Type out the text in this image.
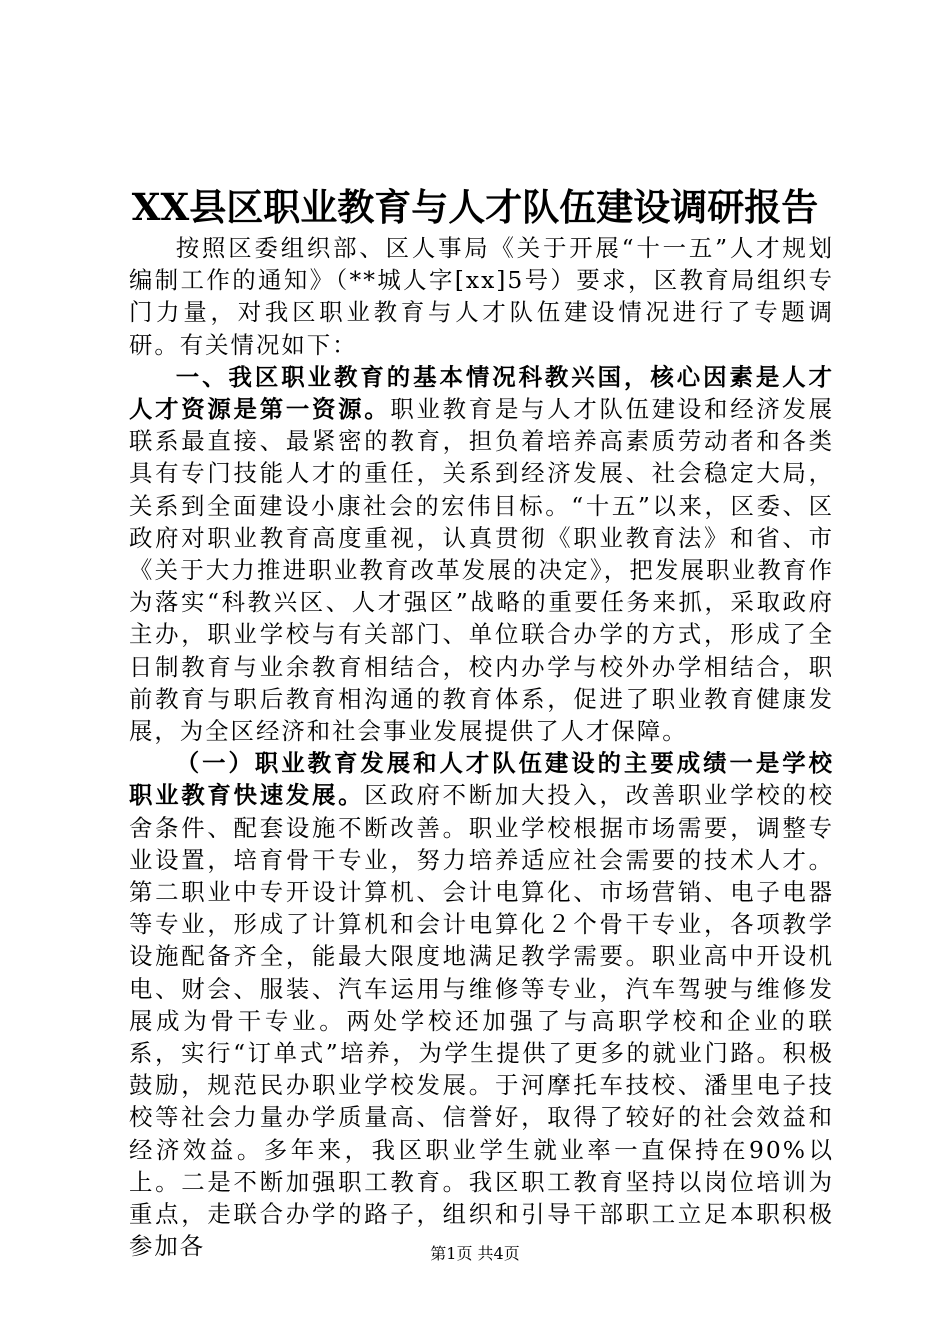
XX县区职业教育与人才队伍建设调研报告

按照区委组织部、区人事局《关于开展“十一五”人才规划编制工作的通知》（**城人字[xx]5号）要求，区教育局组织专门力量，对我区职业教育与人才队伍建设情况进行了专题调研。有关情况如下：

一、我区职业教育的基本情况科教兴国，核心因素是人才人才资源是第一资源。职业教育是与人才队伍建设和经济发展联系最直接、最紧密的教育，担负着培养高素质劳动者和各类具有专门技能人才的重任，关系到经济发展、社会稳定大局，关系到全面建设小康社会的宏伟目标。“十五”以来，区委、区政府对职业教育高度重视，认真贯彻《职业教育法》和省、市《关于大力推进职业教育改革发展的决定》，把发展职业教育作为落实“科教兴区、人才强区”战略的重要任务来抓，采取政府主办，职业学校与有关部门、单位联合办学的方式，形成了全日制教育与业余教育相结合，校内办学与校外办学相结合，职前教育与职后教育相沟通的教育体系，促进了职业教育健康发展，为全区经济和社会事业发展提供了人才保障。

（一）职业教育发展和人才队伍建设的主要成绩一是学校职业教育快速发展。区政府不断加大投入，改善职业学校的校舍条件、配套设施不断改善。职业学校根据市场需要，调整专业设置，培育骨干专业，努力培养适应社会需要的技术人才。第二职业中专开设计算机、会计电算化、市场营销、电子电器等专业，形成了计算机和会计电算化２个骨干专业，各项教学设施配备齐全，能最大限度地满足教学需要。职业高中开设机电、财会、服装、汽车运用与维修等专业，汽车驾驶与维修发展成为骨干专业。两处学校还加强了与高职学校和企业的联系，实行“订单式”培养，为学生提供了更多的就业门路。积极鼓励，规范民办职业学校发展。于河摩托车技校、潘里电子技校等社会力量办学质量高、信誉好，取得了较好的社会效益和经济效益。多年来，我区职业学生就业率一直保持在90%以上。二是不断加强职工教育。我区职工教育坚持以岗位培训为重点，走联合办学的路子，组织和引导干部职工立足本职积极参加各	第1页 共4页
